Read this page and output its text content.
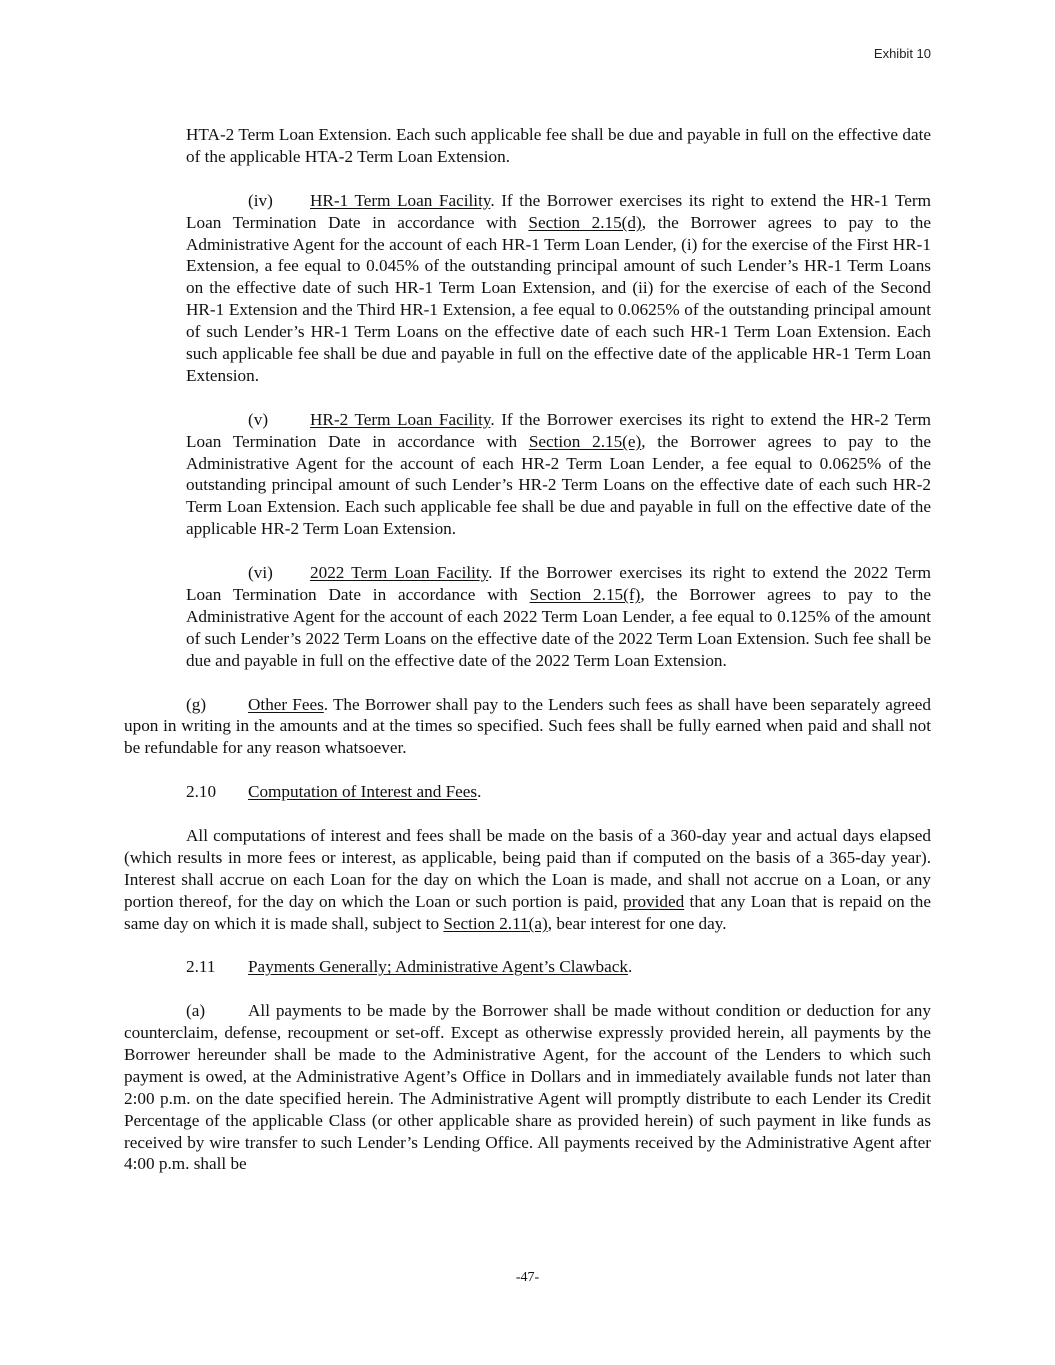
Exhibit 10

HTA-2 Term Loan Extension. Each such applicable fee shall be due and payable in full on the effective date of the applicable HTA-2 Term Loan Extension.

(iv) HR-1 Term Loan Facility. If the Borrower exercises its right to extend the HR-1 Term Loan Termination Date in accordance with Section 2.15(d), the Borrower agrees to pay to the Administrative Agent for the account of each HR-1 Term Loan Lender, (i) for the exercise of the First HR-1 Extension, a fee equal to 0.045% of the outstanding principal amount of such Lender’s HR-1 Term Loans on the effective date of such HR-1 Term Loan Extension, and (ii) for the exercise of each of the Second HR-1 Extension and the Third HR-1 Extension, a fee equal to 0.0625% of the outstanding principal amount of such Lender’s HR-1 Term Loans on the effective date of each such HR-1 Term Loan Extension. Each such applicable fee shall be due and payable in full on the effective date of the applicable HR-1 Term Loan Extension.

(v) HR-2 Term Loan Facility. If the Borrower exercises its right to extend the HR-2 Term Loan Termination Date in accordance with Section 2.15(e), the Borrower agrees to pay to the Administrative Agent for the account of each HR-2 Term Loan Lender, a fee equal to 0.0625% of the outstanding principal amount of such Lender’s HR-2 Term Loans on the effective date of each such HR-2 Term Loan Extension. Each such applicable fee shall be due and payable in full on the effective date of the applicable HR-2 Term Loan Extension.

(vi) 2022 Term Loan Facility. If the Borrower exercises its right to extend the 2022 Term Loan Termination Date in accordance with Section 2.15(f), the Borrower agrees to pay to the Administrative Agent for the account of each 2022 Term Loan Lender, a fee equal to 0.125% of the amount of such Lender’s 2022 Term Loans on the effective date of the 2022 Term Loan Extension. Such fee shall be due and payable in full on the effective date of the 2022 Term Loan Extension.

(g) Other Fees. The Borrower shall pay to the Lenders such fees as shall have been separately agreed upon in writing in the amounts and at the times so specified. Such fees shall be fully earned when paid and shall not be refundable for any reason whatsoever.

2.10 Computation of Interest and Fees.

All computations of interest and fees shall be made on the basis of a 360-day year and actual days elapsed (which results in more fees or interest, as applicable, being paid than if computed on the basis of a 365-day year). Interest shall accrue on each Loan for the day on which the Loan is made, and shall not accrue on a Loan, or any portion thereof, for the day on which the Loan or such portion is paid, provided that any Loan that is repaid on the same day on which it is made shall, subject to Section 2.11(a), bear interest for one day.

2.11 Payments Generally; Administrative Agent’s Clawback.

(a) All payments to be made by the Borrower shall be made without condition or deduction for any counterclaim, defense, recoupment or set-off. Except as otherwise expressly provided herein, all payments by the Borrower hereunder shall be made to the Administrative Agent, for the account of the Lenders to which such payment is owed, at the Administrative Agent’s Office in Dollars and in immediately available funds not later than 2:00 p.m. on the date specified herein. The Administrative Agent will promptly distribute to each Lender its Credit Percentage of the applicable Class (or other applicable share as provided herein) of such payment in like funds as received by wire transfer to such Lender’s Lending Office. All payments received by the Administrative Agent after 4:00 p.m. shall be

-47-
